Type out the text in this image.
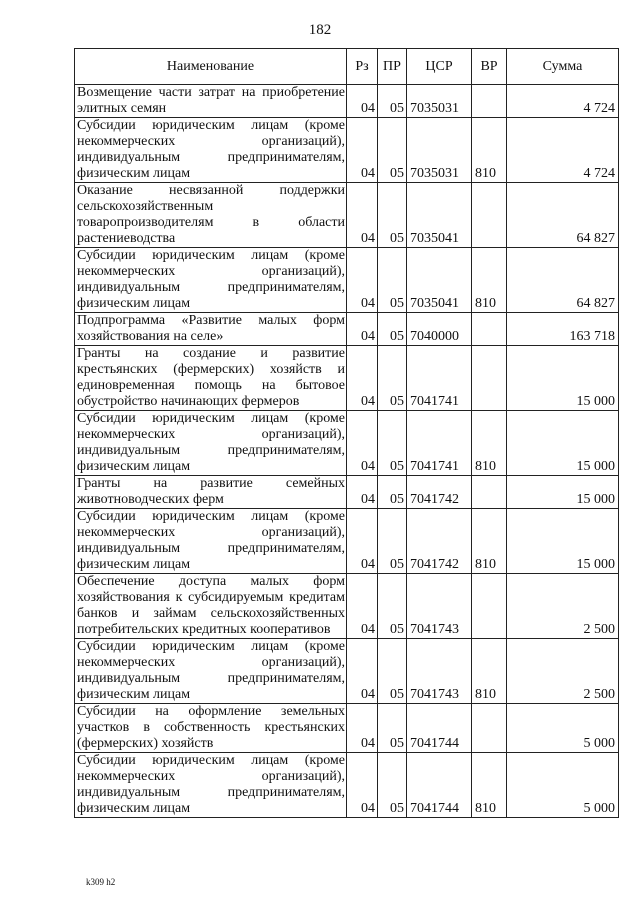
182
Наименование	Рз	ПР	ЦСР	ВР	Сумма
Возмещение части затрат на приобретение элитных семян	04	05	7035031		4 724
Субсидии юридическим лицам (кроме некоммерческих организаций), индивидуальным предпринимателям, физическим лицам	04	05	7035031	810	4 724
Оказание несвязанной поддержки сельскохозяйственным товаропроизводителям в области растениеводства	04	05	7035041		64 827
Субсидии юридическим лицам (кроме некоммерческих организаций), индивидуальным предпринимателям, физическим лицам	04	05	7035041	810	64 827
Подпрограмма «Развитие малых форм хозяйствования на селе»	04	05	7040000		163 718
Гранты на создание и развитие крестьянских (фермерских) хозяйств и единовременная помощь на бытовое обустройство начинающих фермеров	04	05	7041741		15 000
Субсидии юридическим лицам (кроме некоммерческих организаций), индивидуальным предпринимателям, физическим лицам	04	05	7041741	810	15 000
Гранты на развитие семейных животноводческих ферм	04	05	7041742		15 000
Субсидии юридическим лицам (кроме некоммерческих организаций), индивидуальным предпринимателям, физическим лицам	04	05	7041742	810	15 000
Обеспечение доступа малых форм хозяйствования к субсидируемым кредитам банков и займам сельскохозяйственных потребительских кредитных кооперативов	04	05	7041743		2 500
Субсидии юридическим лицам (кроме некоммерческих организаций), индивидуальным предпринимателям, физическим лицам	04	05	7041743	810	2 500
Субсидии на оформление земельных участков в собственность крестьянских (фермерских) хозяйств	04	05	7041744		5 000
Субсидии юридическим лицам (кроме некоммерческих организаций), индивидуальным предпринимателям, физическим лицам	04	05	7041744	810	5 000
k309 h2
